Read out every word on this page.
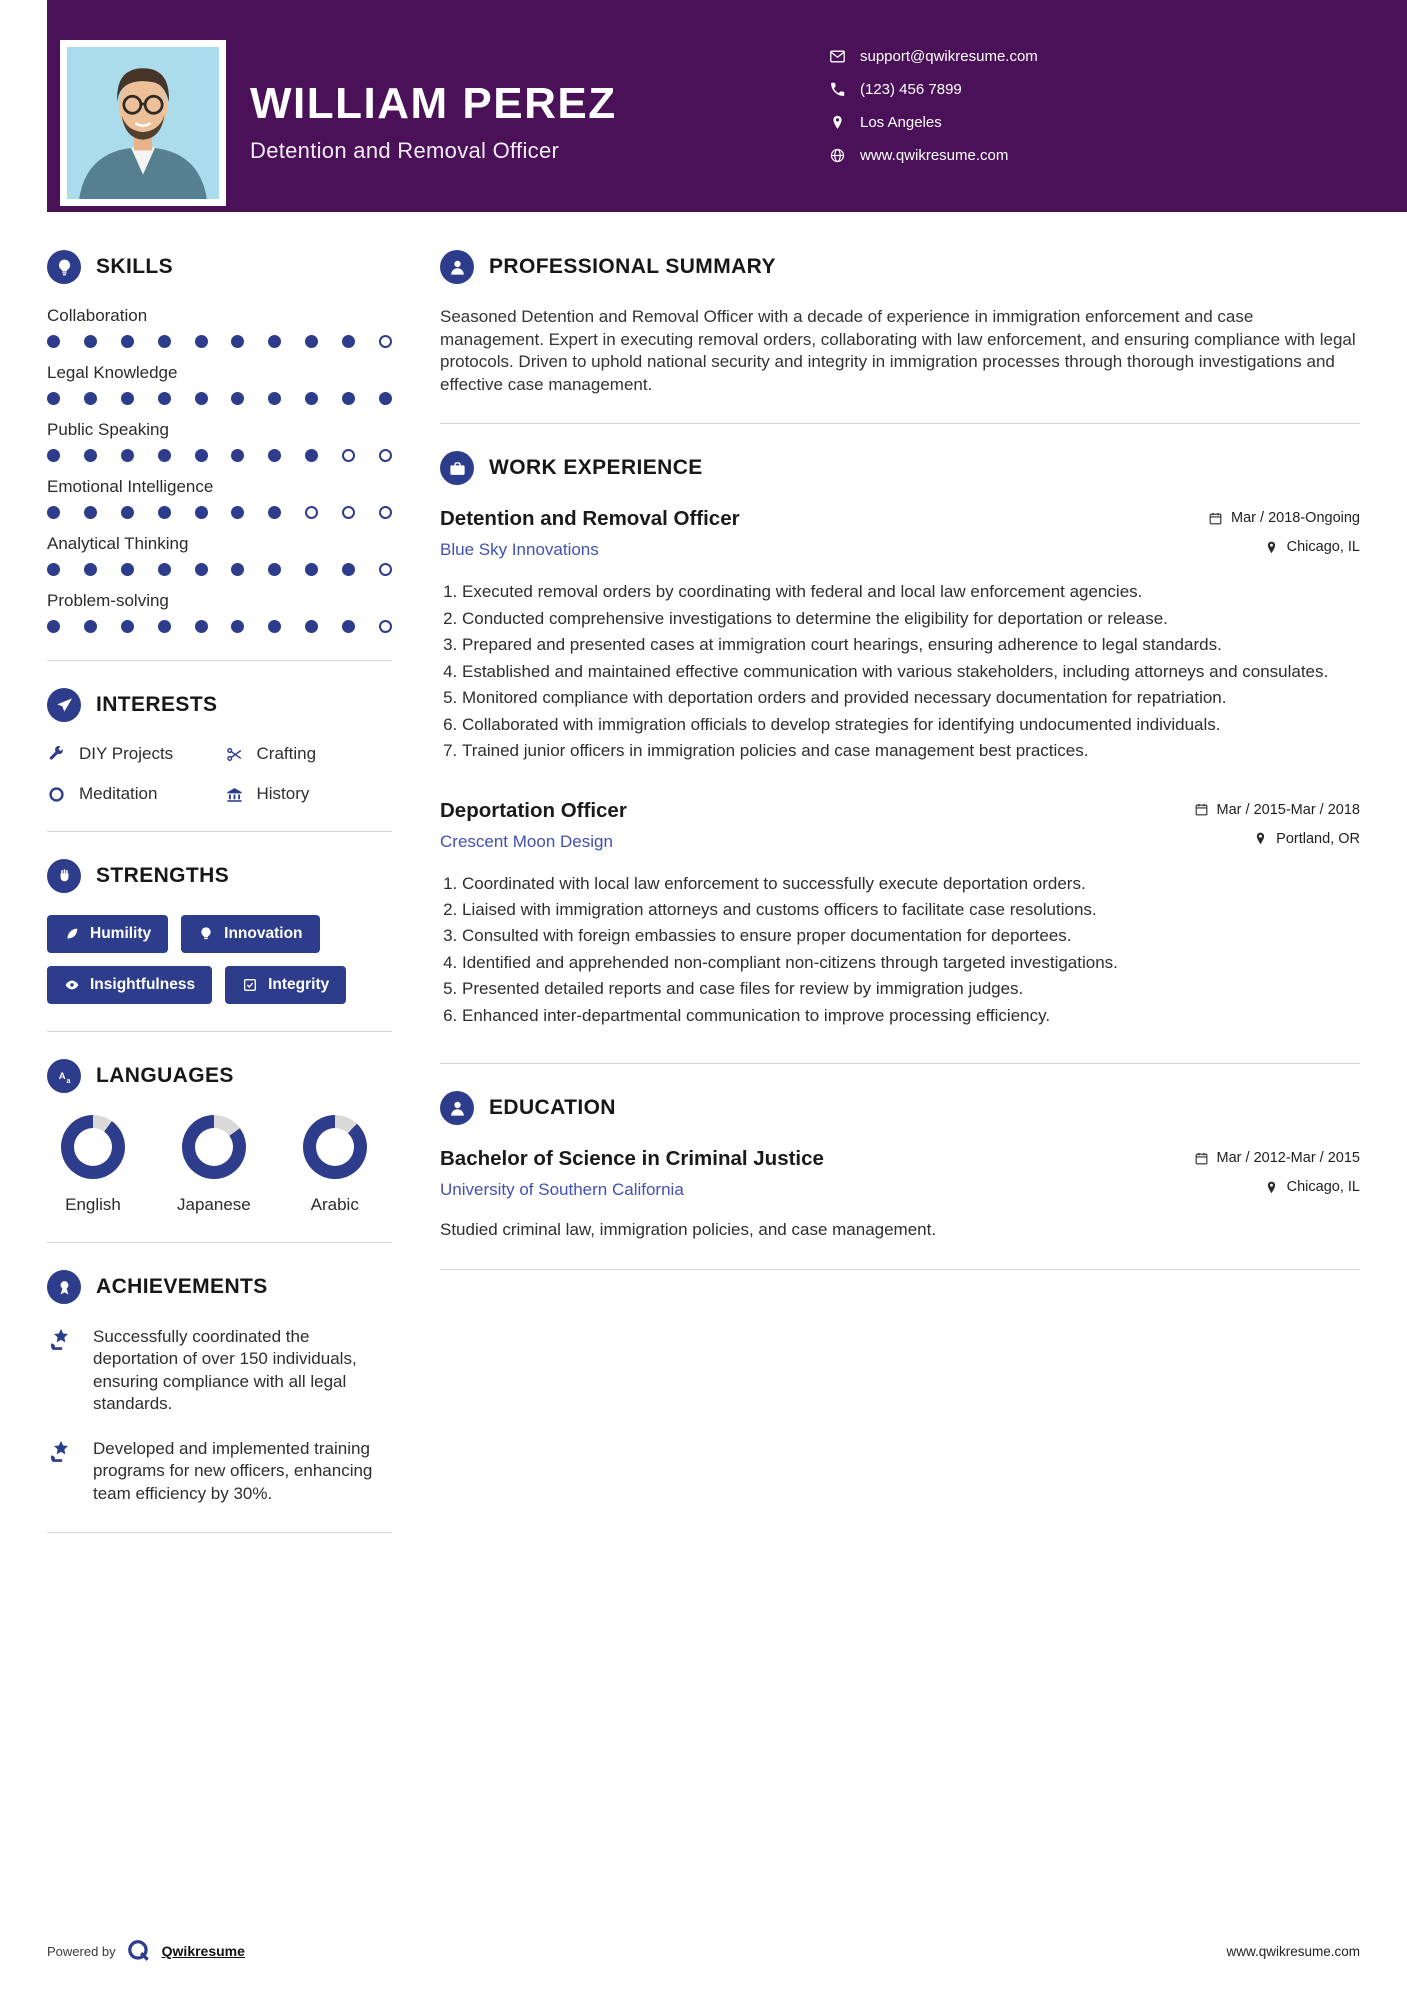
WILLIAM PEREZ
Detention and Removal Officer
support@qwikresume.com
(123) 456 7899
Los Angeles
www.qwikresume.com
SKILLS
Collaboration
Legal Knowledge
Public Speaking
Emotional Intelligence
Analytical Thinking
Problem-solving
INTERESTS
DIY Projects	Crafting
Meditation	History
STRENGTHS
Humility	Innovation
Insightfulness	Integrity
A a LANGUAGES
English	Japanese	Arabic
ACHIEVEMENTS
Successfully coordinated the deportation of over 150 individuals, ensuring compliance with all legal standards.
Developed and implemented training programs for new officers, enhancing team efficiency by 30%.
PROFESSIONAL SUMMARY

Seasoned Detention and Removal Officer with a decade of experience in immigration enforcement and case management. Expert in executing removal orders, collaborating with law enforcement, and ensuring compliance with legal protocols. Driven to uphold national security and integrity in immigration processes through thorough investigations and effective case management.

WORK EXPERIENCE
Detention and Removal Officer
Blue Sky Innovations
Mar / 2018-Ongoing
Chicago, IL
1. Executed removal orders by coordinating with federal and local law enforcement agencies.
2. Conducted comprehensive investigations to determine the eligibility for deportation or release.
3. Prepared and presented cases at immigration court hearings, ensuring adherence to legal standards.
4. Established and maintained effective communication with various stakeholders, including attorneys and consulates.
5. Monitored compliance with deportation orders and provided necessary documentation for repatriation.
6. Collaborated with immigration officials to develop strategies for identifying undocumented individuals.
7. Trained junior officers in immigration policies and case management best practices.
Deportation Officer
Crescent Moon Design
Mar / 2015-Mar / 2018
Portland, OR
1. Coordinated with local law enforcement to successfully execute deportation orders.
2. Liaised with immigration attorneys and customs officers to facilitate case resolutions.
3. Consulted with foreign embassies to ensure proper documentation for deportees.
4. Identified and apprehended non-compliant non-citizens through targeted investigations.
5. Presented detailed reports and case files for review by immigration judges.
6. Enhanced inter-departmental communication to improve processing efficiency.
EDUCATION
Bachelor of Science in Criminal Justice
University of Southern California
Mar / 2012-Mar / 2015
Chicago, IL

Studied criminal law, immigration policies, and case management.

Powered by	Qwikresume	www.qwikresume.com
